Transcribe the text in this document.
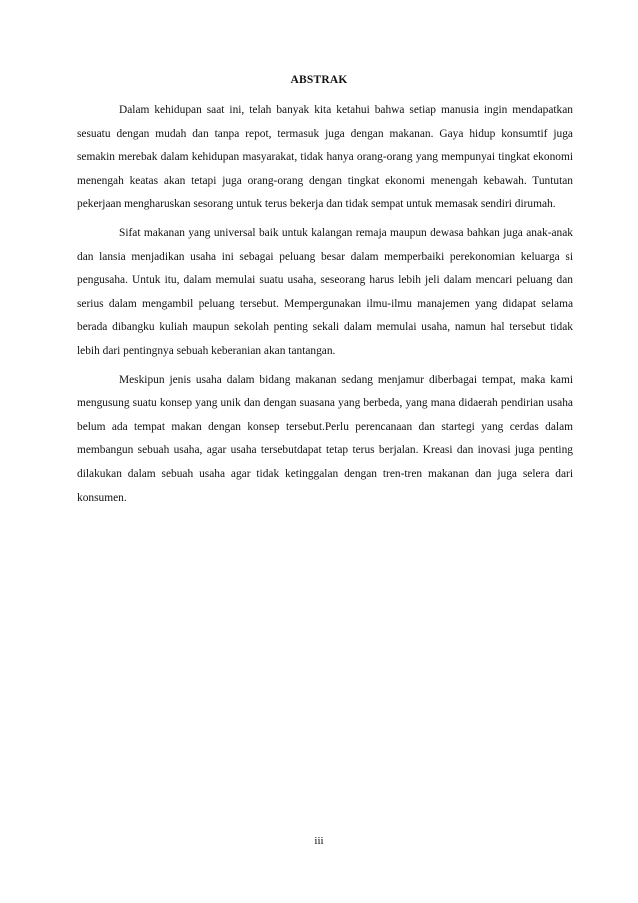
ABSTRAK

Dalam kehidupan saat ini, telah banyak kita ketahui bahwa setiap manusia ingin mendapatkan sesuatu dengan mudah dan tanpa repot, termasuk juga dengan makanan. Gaya hidup konsumtif juga semakin merebak dalam kehidupan masyarakat, tidak hanya orang-orang yang mempunyai tingkat ekonomi menengah keatas akan tetapi juga orang-orang dengan tingkat ekonomi menengah kebawah. Tuntutan pekerjaan mengharuskan sesorang untuk terus bekerja dan tidak sempat untuk memasak sendiri dirumah.

Sifat makanan yang universal baik untuk kalangan remaja maupun dewasa bahkan juga anak-anak dan lansia menjadikan usaha ini sebagai peluang besar dalam memperbaiki perekonomian keluarga si pengusaha. Untuk itu, dalam memulai suatu usaha, seseorang harus lebih jeli dalam mencari peluang dan serius dalam mengambil peluang tersebut. Mempergunakan ilmu-ilmu manajemen yang didapat selama berada dibangku kuliah maupun sekolah penting sekali dalam memulai usaha, namun hal tersebut tidak lebih dari pentingnya sebuah keberanian akan tantangan.

Meskipun jenis usaha dalam bidang makanan sedang menjamur diberbagai tempat, maka kami mengusung suatu konsep yang unik dan dengan suasana yang berbeda, yang mana didaerah pendirian usaha belum ada tempat makan dengan konsep tersebut.Perlu perencanaan dan startegi yang cerdas dalam membangun sebuah usaha, agar usaha tersebutdapat tetap terus berjalan. Kreasi dan inovasi juga penting dilakukan dalam sebuah usaha agar tidak ketinggalan dengan tren-tren makanan dan juga selera dari konsumen.

iii
